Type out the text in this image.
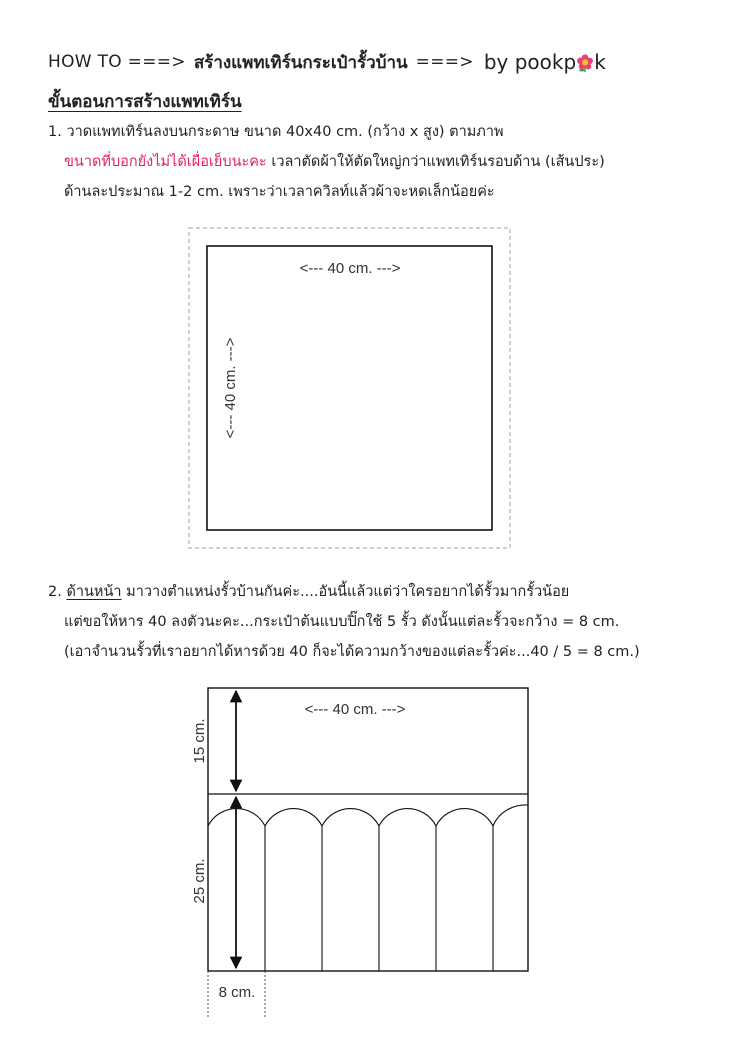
HOW TO ===> สร้างแพทเทิร์นกระเป๋ารั้วบ้าน ===> by pookp k
ขั้นตอนการสร้างแพทเทิร์น
1. วาดแพทเทิร์นลงบนกระดาษ ขนาด 40x40 cm. (กว้าง x สูง) ตามภาพ
ขนาดที่บอกยังไม่ได้เผื่อเย็บนะคะ เวลาตัดผ้าให้ตัดใหญ่กว่าแพทเทิร์นรอบด้าน (เส้นประ)
ด้านละประมาณ 1-2 cm. เพราะว่าเวลาควิลท์แล้วผ้าจะหดเล็กน้อยค่ะ
<--- 40 cm. --->
<--- 40 cm. --->
2. ด้านหน้า มาวางตำแหน่งรั้วบ้านกันค่ะ....อันนี้แล้วแต่ว่าใครอยากได้รั้วมากรั้วน้อย
แต่ขอให้หาร 40 ลงตัวนะคะ...กระเป๋าต้นแบบปิ๊กใช้ 5 รั้ว ดังนั้นแต่ละรั้วจะกว้าง = 8 cm.
(เอาจำนวนรั้วที่เราอยากได้หารด้วย 40 ก็จะได้ความกว้างของแต่ละรั้วค่ะ...40 / 5 = 8 cm.)
<--- 40 cm. --->
15 cm.
25 cm.
8 cm.
